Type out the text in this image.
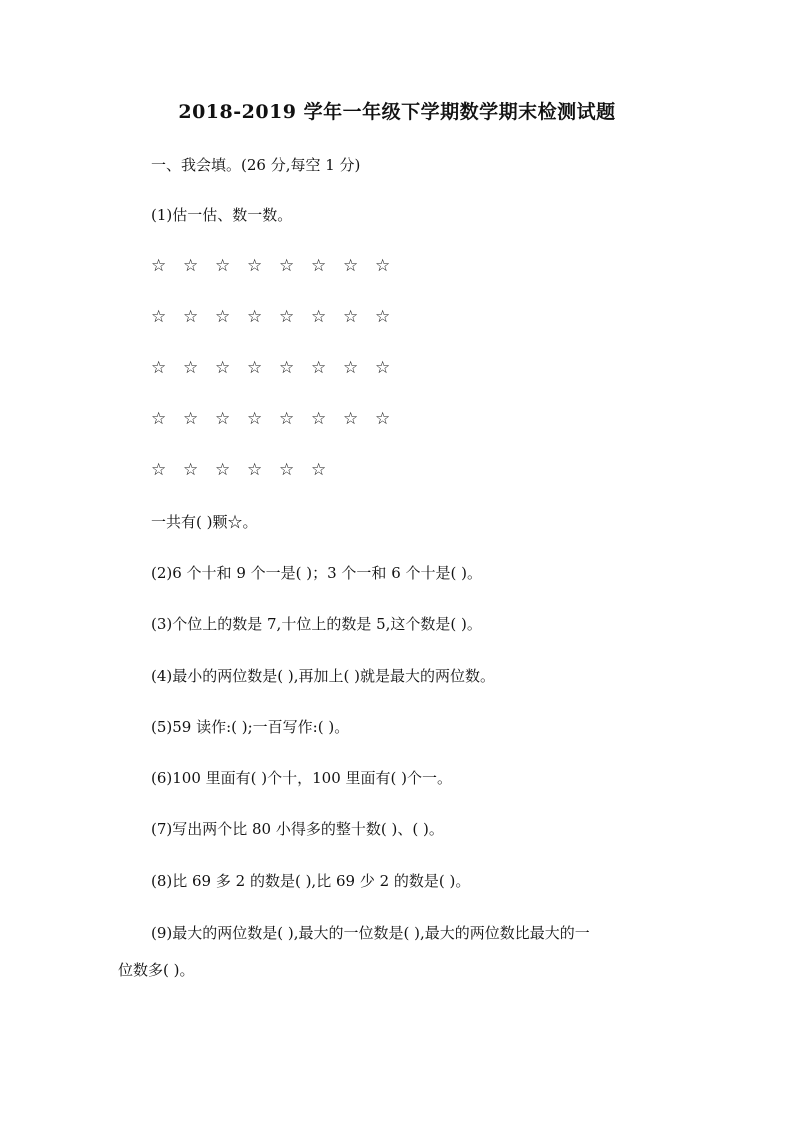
2018-2019 学年一年级下学期数学期末检测试题
一、我会填。(26 分,每空 1 分)
(1)估一估、数一数。
☆ ☆ ☆ ☆ ☆ ☆ ☆ ☆
☆ ☆ ☆ ☆ ☆ ☆ ☆ ☆
☆ ☆ ☆ ☆ ☆ ☆ ☆ ☆
☆ ☆ ☆ ☆ ☆ ☆ ☆ ☆
☆ ☆ ☆ ☆ ☆ ☆
一共有( )颗☆。
(2)6 个十和 9 个一是( )；3 个一和 6 个十是( )。
(3)个位上的数是 7,十位上的数是 5,这个数是( )。
(4)最小的两位数是( ),再加上( )就是最大的两位数。
(5)59 读作:( );一百写作:( )。
(6)100 里面有( )个十，100 里面有( )个一。
(7)写出两个比 80 小得多的整十数( )、( )。
(8)比 69 多 2 的数是( ),比 69 少 2 的数是( )。
(9)最大的两位数是( ),最大的一位数是( ),最大的两位数比最大的一
位数多( )。
